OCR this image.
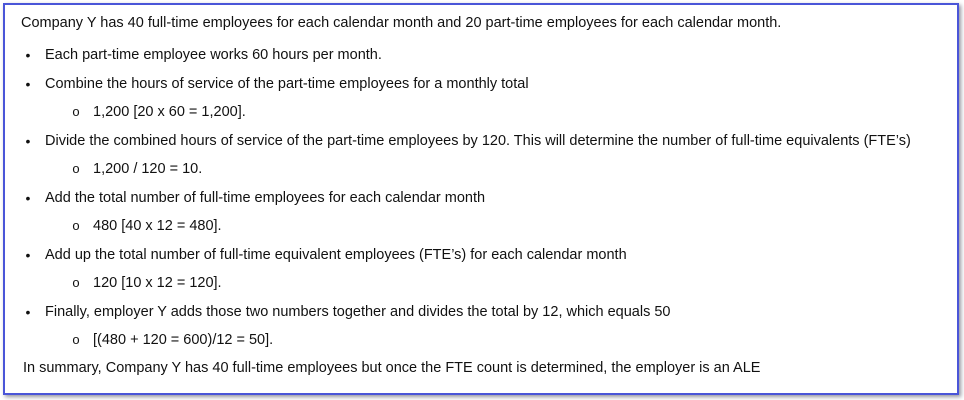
Company Y has 40 full-time employees for each calendar month and 20 part-time employees for each calendar month.
•	Each part-time employee works 60 hours per month.
•	Combine the hours of service of the part-time employees for a monthly total
o 1,200 [20 x 60 = 1,200].
•	Divide the combined hours of service of the part-time employees by 120. This will determine the number of full-time equivalents (FTE’s)
o 1,200 / 120 = 10.
•	Add the total number of full-time employees for each calendar month
o 480 [40 x 12 = 480].
•	Add up the total number of full-time equivalent employees (FTE’s) for each calendar month
o 120 [10 x 12 = 120].
•	Finally, employer Y adds those two numbers together and divides the total by 12, which equals 50
o [(480 + 120 = 600)/12 = 50].
In summary, Company Y has 40 full-time employees but once the FTE count is determined, the employer is an ALE
